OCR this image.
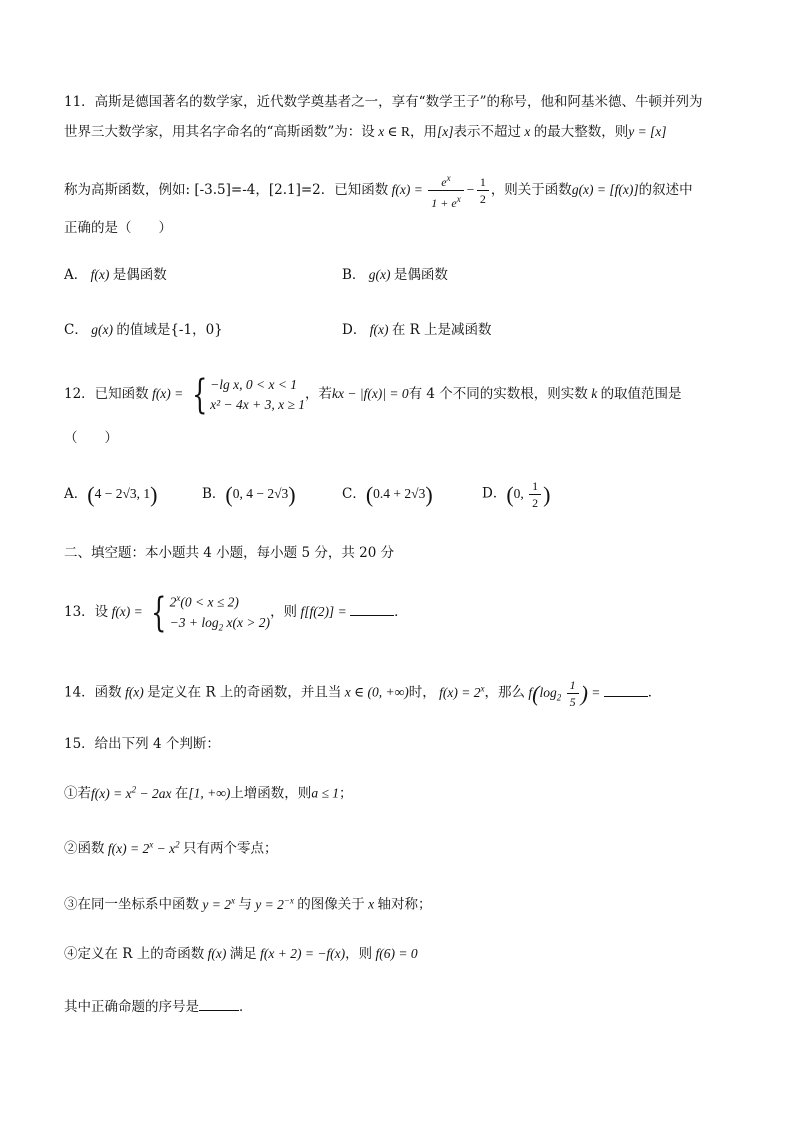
11．高斯是德国著名的数学家，近代数学奠基者之一，享有“数学王子”的称号，他和阿基米德、牛顿并列为
世界三大数学家，用其名字命名的“高斯函数”为：设 x ∈ R，用[x]表示不超过 x 的最大整数，则y = [x]
称为高斯函数，例如: [-3.5]=-4，[2.1]=2．已知函数 $f(x) = \frac{e^x}{1 + e^x} - \frac{1}{2}$ ，则关于函数g(x) = [f(x)]的叙述中
正确的是（　　）
A． f(x) 是偶函数	B． g(x) 是偶函数
C． g(x) 的值域是{-1，0}	D． f(x) 在 R 上是减函数
12．已知函数 f(x) = { −lg x, 0 < x < 1
x² − 4x + 3, x ≥ 1
，若kx − |f(x)| = 0有 4 个不同的实数根，则实数 k 的取值范围是
（　　）
A．(4 − 2√3, 1)	B．(0, 4 − 2√3)	C．(0.4 + 2√3)	D．(0, $\frac{1}{2}$ )
二、填空题：本小题共 4 小题，每小题 5 分，共 20 分
13．设 f(x) = { $2^x(0 < x \le 2)$
$-3 + \log_2 x(x > 2)$
，则 f[f(2)] =	．
14．函数 f(x) 是定义在 R 上的奇函数，并且当 x ∈ (0, +∞)时， $f(x) = 2^x$，那么 $f(\log_2 \frac{1}{5}$ ) =	．
15．给出下列 4 个判断：
①若$f(x) = x^2 - 2ax$ 在[1, +∞)上增函数，则a ≤ 1；
②函数 $f(x) = 2^x - x^2$ 只有两个零点；
③在同一坐标系中函数 $y = 2^x$ 与 $y = 2^{-x}$ 的图像关于 x 轴对称；
④定义在 R 上的奇函数 f(x) 满足 f(x + 2) = −f(x)，则 f(6) = 0
其中正确命题的序号是	．
